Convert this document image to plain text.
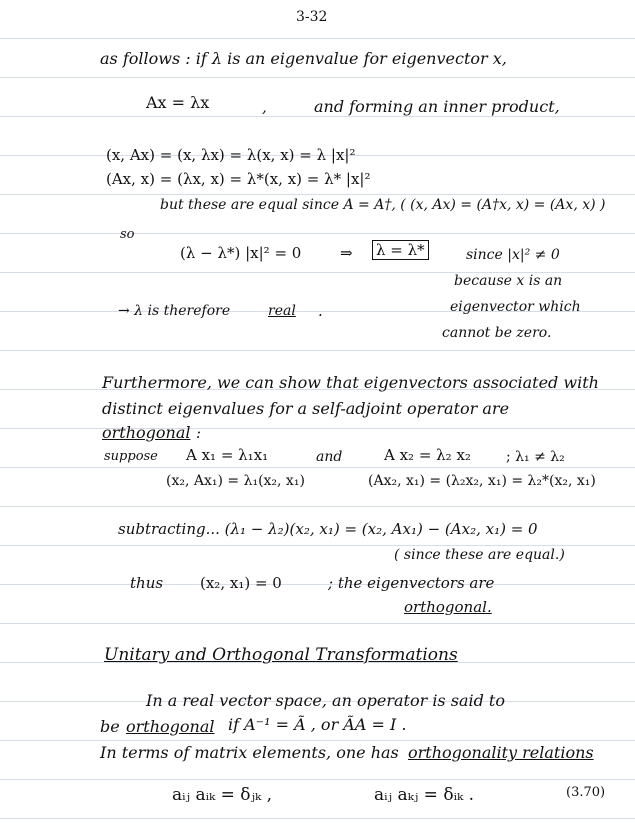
3-32
as follows : if λ is an eigenvalue for eigenvector x,
Ax = λx	,	and forming an inner product,
(x, Ax) = (x, λx) = λ(x, x) = λ |x|²
(Ax, x) = (λx, x) = λ*(x, x) = λ* |x|²
but these are equal since A = A†, ( (x, Ax) = (A†x, x) = (Ax, x) )
so
(λ − λ*) |x|² = 0	⇒ λ = λ*	since |x|² ≠ 0
because x is an
→ λ is therefore	real .	eigenvector which
cannot be zero.
Furthermore, we can show that eigenvectors associated with
distinct eigenvalues for a self-adjoint operator are
orthogonal :
suppose A x₁ = λ₁x₁	and	A x₂ = λ₂ x₂	; λ₁ ≠ λ₂
(x₂, Ax₁) = λ₁(x₂, x₁)	(Ax₂, x₁) = (λ₂x₂, x₁) = λ₂*(x₂, x₁)
subtracting... (λ₁ − λ₂)(x₂, x₁) = (x₂, Ax₁) − (Ax₂, x₁) = 0
( since these are equal.)
thus (x₂, x₁) = 0	; the eigenvectors are
orthogonal.
Unitary and Orthogonal Transformations
In a real vector space, an operator is said to
be orthogonal if A⁻¹ = Ã , or ÃA = I .
In terms of matrix elements, one has orthogonality relations
aᵢⱼ aᵢₖ = δⱼₖ ,	aᵢⱼ aₖⱼ = δᵢₖ .	(3.70)
